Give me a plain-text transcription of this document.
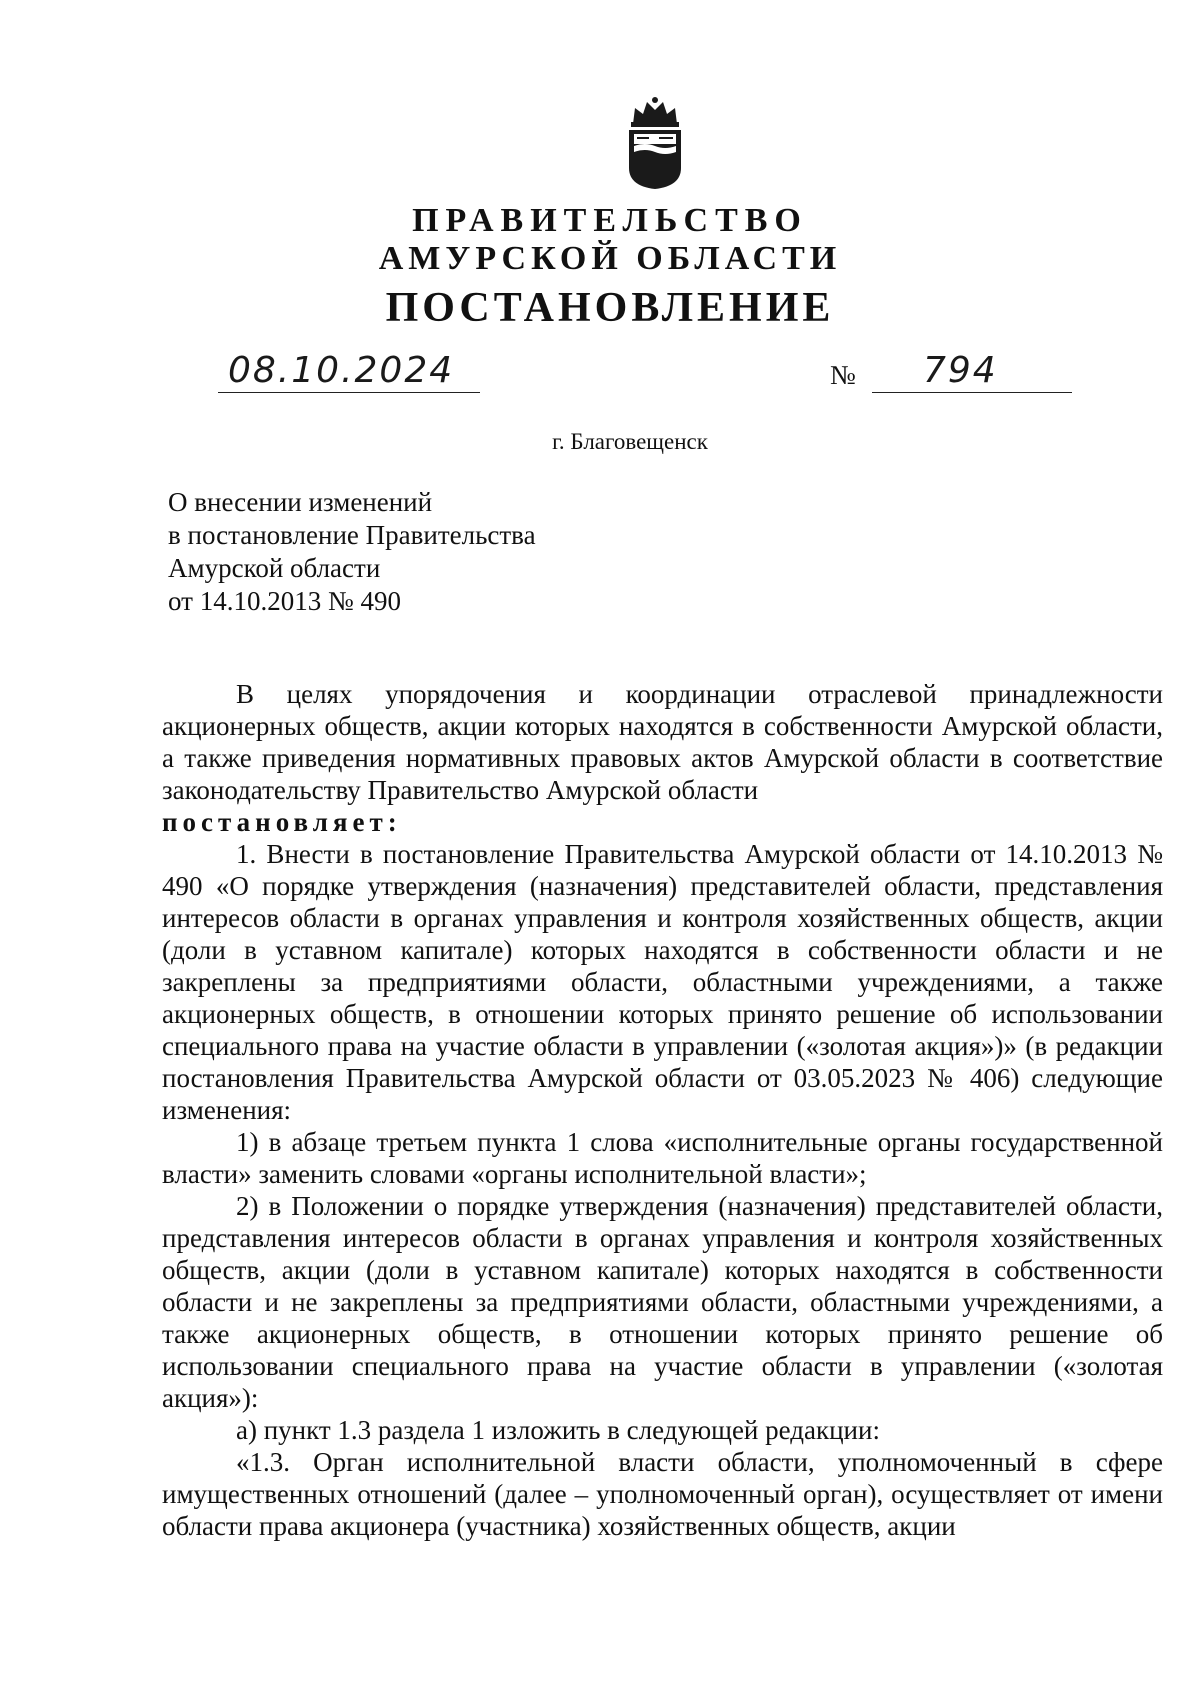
ПРАВИТЕЛЬСТВО
АМУРСКОЙ ОБЛАСТИ
ПОСТАНОВЛЕНИЕ
08.10.2024	№ 794
г. Благовещенск
О внесении изменений
в постановление Правительства
Амурской области
от 14.10.2013 № 490

В целях упорядочения и координации отраслевой принадлежности акционерных обществ, акции которых находятся в собственности Амурской области, а также приведения нормативных правовых актов Амурской области в соответствие законодательству Правительство Амурской области

постановляет:

1. Внести в постановление Правительства Амурской области от 14.10.2013 № 490 «О порядке утверждения (назначения) представителей области, представления интересов области в органах управления и контроля хозяйственных обществ, акции (доли в уставном капитале) которых находятся в собственности области и не закреплены за предприятиями области, областными учреждениями, а также акционерных обществ, в отношении которых принято решение об использовании специального права на участие области в управлении («золотая акция»)» (в редакции постановления Правительства Амурской области от 03.05.2023 № 406) следующие изменения:

1) в абзаце третьем пункта 1 слова «исполнительные органы государственной власти» заменить словами «органы исполнительной власти»;

2) в Положении о порядке утверждения (назначения) представителей области, представления интересов области в органах управления и контроля хозяйственных обществ, акции (доли в уставном капитале) которых находятся в собственности области и не закреплены за предприятиями области, областными учреждениями, а также акционерных обществ, в отношении которых принято решение об использовании специального права на участие области в управлении («золотая акция»):

а) пункт 1.3 раздела 1 изложить в следующей редакции:

«1.3. Орган исполнительной власти области, уполномоченный в сфере имущественных отношений (далее – уполномоченный орган), осуществляет от имени области права акционера (участника) хозяйственных обществ, акции
